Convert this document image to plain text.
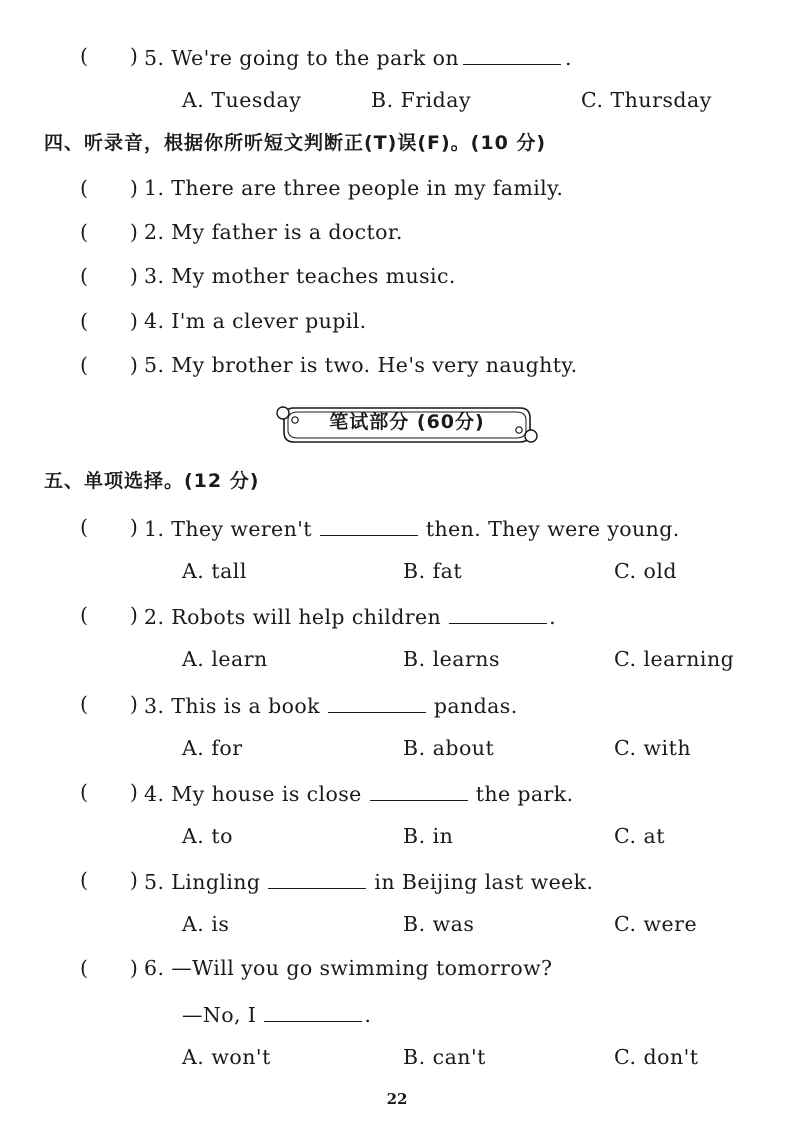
(      ) 5. We're going to the park on	.
A. Tuesday	B. Friday	C. Thursday
四、听录音，根据你所听短文判断正(T)误(F)。(10 分)
(      ) 1. There are three people in my family.
(      ) 2. My father is a doctor.
(      ) 3. My mother teaches music.
(      ) 4. I'm a clever pupil.
(      ) 5. My brother is two. He's very naughty.
笔试部分 (60分)
五、单项选择。(12 分)
(      ) 1. They weren't	then. They were young.
A. tall	B. fat	C. old
(      ) 2. Robots will help children	.
A. learn	B. learns	C. learning
(      ) 3. This is a book	pandas.
A. for	B. about	C. with
(      ) 4. My house is close	the park.
A. to	B. in	C. at
(      ) 5. Lingling	in Beijing last week.
A. is	B. was	C. were
(      ) 6. —Will you go swimming tomorrow?
—No, I	.
A. won't	B. can't	C. don't
22
